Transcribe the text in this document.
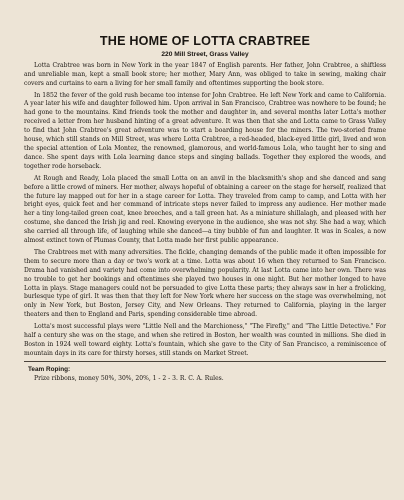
THE HOME OF LOTTA CRABTREE
220 Mill Street, Grass Valley

Lotta Crabtree was born in New York in the year 1847 of English parents. Her father, John Crabtree, a shiftless and unreliable man, kept a small book store; her mother, Mary Ann, was obliged to take in sewing, making chair covers and curtains to earn a living for her small family and oftentimes supporting the book store.

In 1852 the fever of the gold rush became too intense for John Crabtree. He left New York and came to California. A year later his wife and daughter followed him. Upon arrival in San Francisco, Crabtree was nowhere to be found; he had gone to the mountains. Kind friends took the mother and daughter in, and several months later Lotta's mother received a letter from her husband hinting of a great adventure. It was then that she and Lotta came to Grass Valley to find that John Crabtree's great adventure was to start a boarding house for the miners. The two-storied frame house, which still stands on Mill Street, was where Lotta Crabtree, a red-headed, black-eyed little girl, lived and won the special attention of Lola Montez, the renowned, glamorous, and world-famous Lola, who taught her to sing and dance. She spent days with Lola learning dance steps and singing ballads. Together they explored the woods, and together rode horseback.

At Rough and Ready, Lola placed the small Lotta on an anvil in the blacksmith's shop and she danced and sang before a little crowd of miners. Her mother, always hopeful of obtaining a career on the stage for herself, realized that the future lay mapped out for her in a stage career for Lotta. They traveled from camp to camp, and Lotta with her bright eyes, quick feet and her command of intricate steps never failed to impress any audience. Her mother made her a tiny long-tailed green coat, knee breeches, and a tall green hat. As a miniature shillalagh, and pleased with her costume, she danced the Irish jig and reel. Knowing everyone in the audience, she was not shy. She had a way, which she carried all through life, of laughing while she danced—a tiny bubble of fun and laughter. It was in Scales, a now almost extinct town of Plumas County, that Lotta made her first public appearance.

The Crabtrees met with many adversities. The fickle, changing demands of the public made it often impossible for them to secure more than a day or two's work at a time. Lotta was about 16 when they returned to San Francisco. Drama had vanished and variety had come into overwhelming popularity. At last Lotta came into her own. There was no trouble to get her bookings and oftentimes she played two houses in one night. But her mother longed to have Lotta in plays. Stage managers could not be persuaded to give Lotta these parts; they always saw in her a frolicking, burlesque type of girl. It was then that they left for New York where her success on the stage was overwhelming, not only in New York, but Boston, Jersey City, and New Orleans. They returned to California, playing in the larger theaters and then to England and Paris, spending considerable time abroad.

Lotta's most successful plays were "Little Nell and the Marchioness," "The Firefly," and "The Little Detective." For half a century she was on the stage, and when she retired in Boston, her wealth was counted in millions. She died in Boston in 1924 well toward eighty. Lotta's fountain, which she gave to the City of San Francisco, a reminiscence of mountain days in its care for thirsty horses, still stands on Market Street.

Team Roping:
Prize ribbons, money 50%, 30%, 20%, 1 - 2 - 3. R. C. A. Rules.
